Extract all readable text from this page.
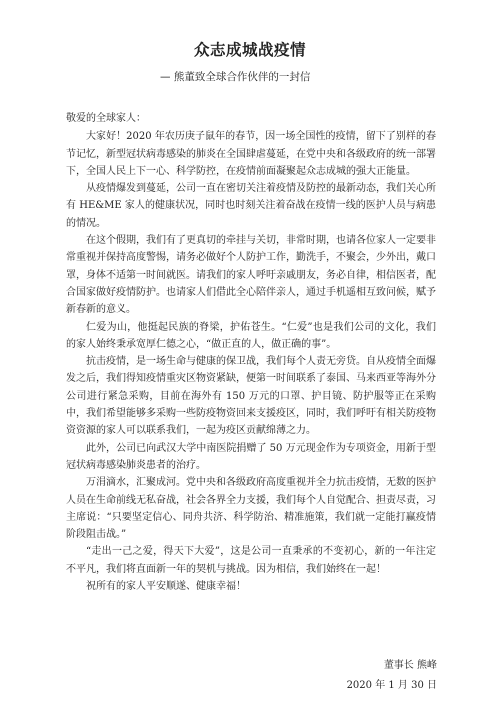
众志成城战疫情
— 熊董致全球合作伙伴的一封信

敬爱的全球家人：

大家好！2020 年农历庚子鼠年的春节，因一场全国性的疫情，留下了别样的春节记忆，新型冠状病毒感染的肺炎在全国肆虐蔓延，在党中央和各级政府的统一部署下，全国人民上下一心、科学防控，在疫情前面凝聚起众志成城的强大正能量。

从疫情爆发到蔓延，公司一直在密切关注着疫情及防控的最新动态，我们关心所有 HE&ME 家人的健康状况，同时也时刻关注着奋战在疫情一线的医护人员与病患的情况。

在这个假期，我们有了更真切的牵挂与关切，非常时期，也请各位家人一定要非常重视并保持高度警惕，请务必做好个人防护工作，勤洗手，不聚会，少外出，戴口罩，身体不适第一时间就医。请我们的家人呼吁亲戚朋友，务必自律，相信医者，配合国家做好疫情防护。也请家人们借此全心陪伴亲人，通过手机遥相互致问候，赋予新春新的意义。

仁爱为山，他挺起民族的脊梁，护佑苍生。“仁爱”也是我们公司的文化，我们的家人始终秉承宽厚仁德之心，“做正直的人，做正确的事”。

抗击疫情，是一场生命与健康的保卫战，我们每个人责无旁贷。自从疫情全面爆发之后，我们得知疫情重灾区物资紧缺，便第一时间联系了泰国、马来西亚等海外分公司进行紧急采购，目前在海外有 150 万元的口罩、护目镜、防护服等正在采购中，我们希望能够多采购一些防疫物资回来支援疫区，同时，我们呼吁有相关防疫物资资源的家人可以联系我们，一起为疫区贡献绵薄之力。

此外，公司已向武汉大学中南医院捐赠了 50 万元现金作为专项资金，用新于型冠状病毒感染肺炎患者的治疗。

万涓滴水，汇聚成河。党中央和各级政府高度重视并全力抗击疫情，无数的医护人员在生命前线无私奋战，社会各界全力支援，我们每个人自觉配合、担责尽责，习主席说：“只要坚定信心、同舟共济、科学防治、精准施策，我们就一定能打赢疫情阶段阻击战。”

“走出一己之爱，得天下大爱”，这是公司一直秉承的不变初心，新的一年注定不平凡，我们将直面新一年的契机与挑战。因为相信，我们始终在一起！

祝所有的家人平安顺遂、健康幸福！

董事长 熊峰
2020 年 1 月 30 日
